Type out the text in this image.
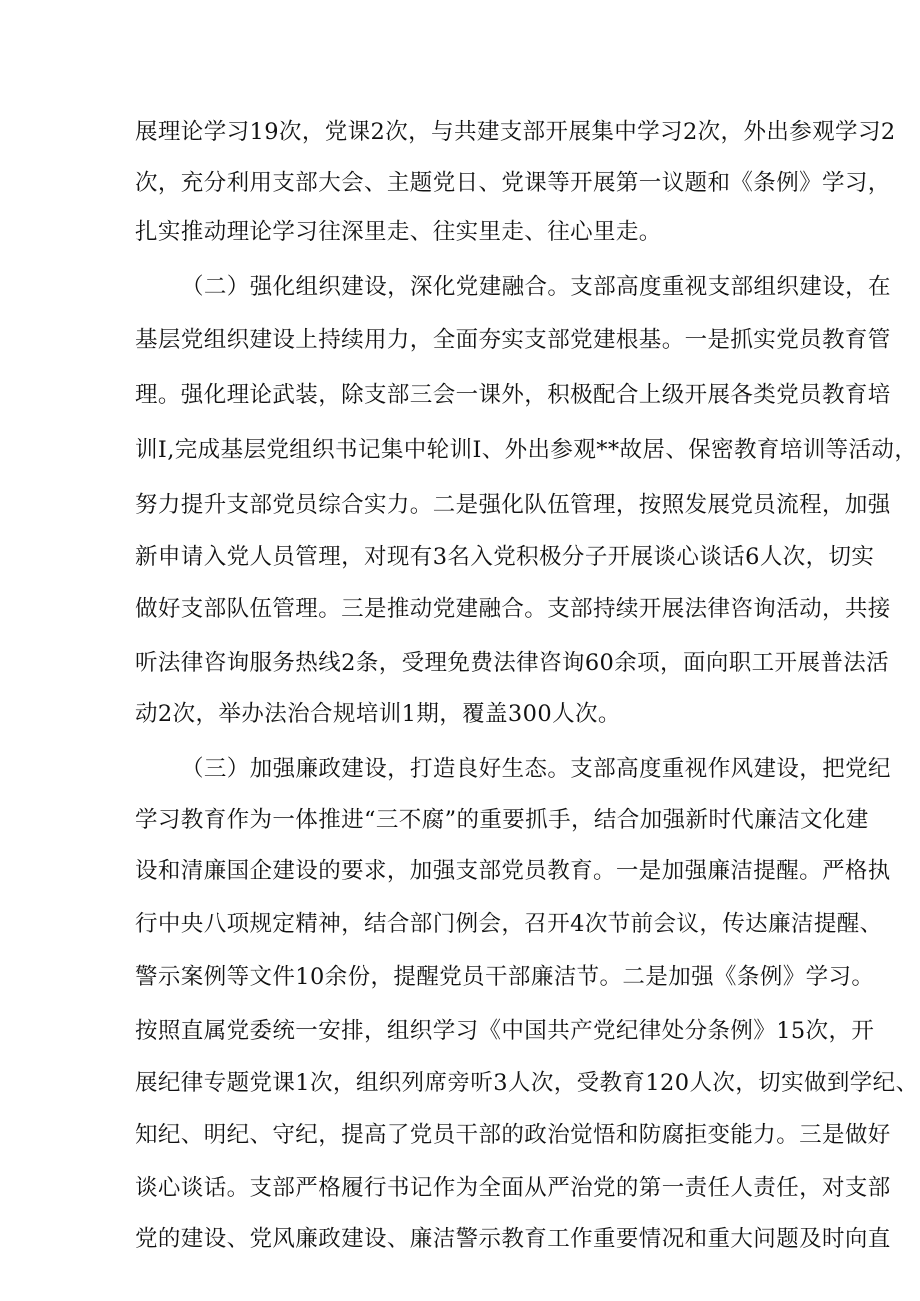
展理论学习19次，党课2次，与共建支部开展集中学习2次，外出参观学习2
次，充分利用支部大会、主题党日、党课等开展第一议题和《条例》学习，
扎实推动理论学习往深里走、往实里走、往心里走。
（二）强化组织建设，深化党建融合。支部高度重视支部组织建设，在
基层党组织建设上持续用力，全面夯实支部党建根基。一是抓实党员教育管
理。强化理论武装，除支部三会一课外，积极配合上级开展各类党员教育培
训I,完成基层党组织书记集中轮训I、外出参观**故居、保密教育培训等活动，
努力提升支部党员综合实力。二是强化队伍管理，按照发展党员流程，加强
新申请入党人员管理，对现有3名入党积极分子开展谈心谈话6人次，切实
做好支部队伍管理。三是推动党建融合。支部持续开展法律咨询活动，共接
听法律咨询服务热线2条，受理免费法律咨询60余项，面向职工开展普法活
动2次，举办法治合规培训1期，覆盖300人次。
（三）加强廉政建设，打造良好生态。支部高度重视作风建设，把党纪
学习教育作为一体推进“三不腐”的重要抓手，结合加强新时代廉洁文化建
设和清廉国企建设的要求，加强支部党员教育。一是加强廉洁提醒。严格执
行中央八项规定精神，结合部门例会，召开4次节前会议，传达廉洁提醒、
警示案例等文件10余份，提醒党员干部廉洁节。二是加强《条例》学习。
按照直属党委统一安排，组织学习《中国共产党纪律处分条例》15次，开
展纪律专题党课1次，组织列席旁听3人次，受教育120人次，切实做到学纪、
知纪、明纪、守纪，提高了党员干部的政治觉悟和防腐拒变能力。三是做好
谈心谈话。支部严格履行书记作为全面从严治党的第一责任人责任，对支部
党的建设、党风廉政建设、廉洁警示教育工作重要情况和重大问题及时向直
